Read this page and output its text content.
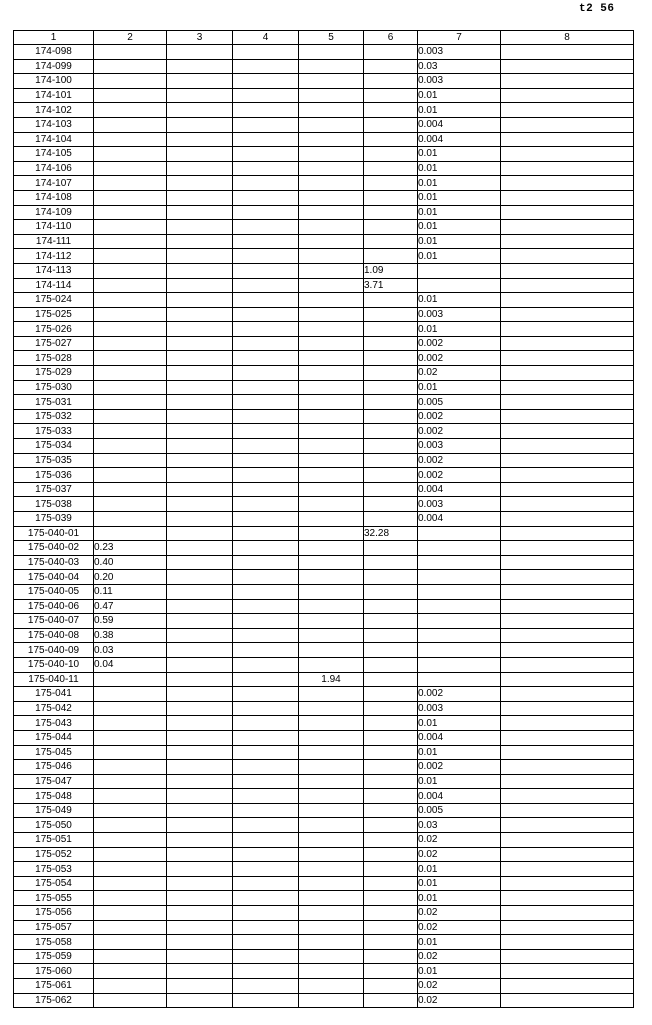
t2 56
1	2	3	4	5	6	7	8
174-098						0.003	
174-099						0.03	
174-100						0.003	
174-101						0.01	
174-102						0.01	
174-103						0.004	
174-104						0.004	
174-105						0.01	
174-106						0.01	
174-107						0.01	
174-108						0.01	
174-109						0.01	
174-110						0.01	
174-111						0.01	
174-112						0.01	
174-113					1.09		
174-114					3.71		
175-024						0.01	
175-025						0.003	
175-026						0.01	
175-027						0.002	
175-028						0.002	
175-029						0.02	
175-030						0.01	
175-031						0.005	
175-032						0.002	
175-033						0.002	
175-034						0.003	
175-035						0.002	
175-036						0.002	
175-037						0.004	
175-038						0.003	
175-039						0.004	
175-040-01					32.28		
175-040-02	0.23						
175-040-03	0.40						
175-040-04	0.20						
175-040-05	0.11						
175-040-06	0.47						
175-040-07	0.59						
175-040-08	0.38						
175-040-09	0.03						
175-040-10	0.04						
175-040-11				1.94			
175-041						0.002	
175-042						0.003	
175-043						0.01	
175-044						0.004	
175-045						0.01	
175-046						0.002	
175-047						0.01	
175-048						0.004	
175-049						0.005	
175-050						0.03	
175-051						0.02	
175-052						0.02	
175-053						0.01	
175-054						0.01	
175-055						0.01	
175-056						0.02	
175-057						0.02	
175-058						0.01	
175-059						0.02	
175-060						0.01	
175-061						0.02	
175-062						0.02	
